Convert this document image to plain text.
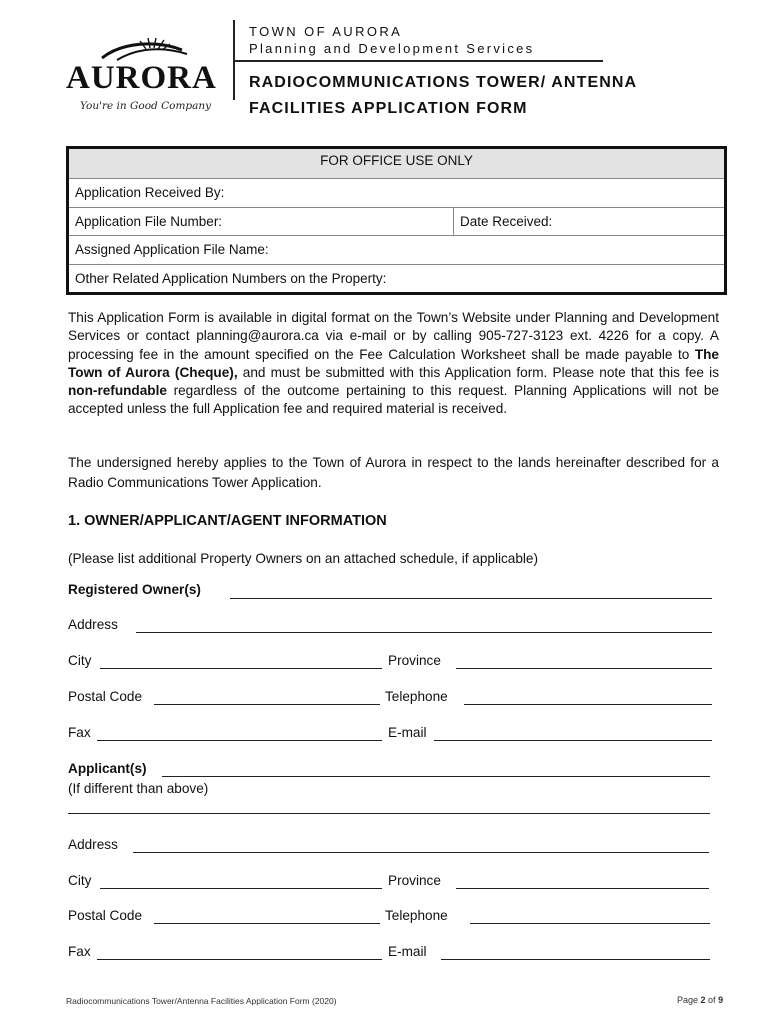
AURORA
You're in Good Company
TOWN OF AURORA
Planning and Development Services
RADIOCOMMUNICATIONS TOWER/ ANTENNA
FACILITIES APPLICATION FORM
FOR OFFICE USE ONLY
Application Received By:
Application File Number:	Date Received:
Assigned Application File Name:
Other Related Application Numbers on the Property:
This Application Form is available in digital format on the Town’s Website under Planning and Development Services or contact planning@aurora.ca via e-mail or by calling 905-727-3123 ext. 4226 for a copy. A processing fee in the amount specified on the Fee Calculation Worksheet shall be made payable to The Town of Aurora (Cheque), and must be submitted with this Application form. Please note that this fee is non-refundable regardless of the outcome pertaining to this request. Planning Applications will not be accepted unless the full Application fee and required material is received.
The undersigned hereby applies to the Town of Aurora in respect to the lands hereinafter described for a Radio Communications Tower Application.
1. OWNER/APPLICANT/AGENT INFORMATION
(Please list additional Property Owners on an attached schedule, if applicable)
Registered Owner(s)
Address
City	Province
Postal Code	Telephone
Fax	E-mail
Applicant(s)
(If different than above)
Address
City	Province
Postal Code	Telephone
Fax	E-mail
Radiocommunications Tower/Antenna Facilities Application Form (2020)	Page 2 of 9
